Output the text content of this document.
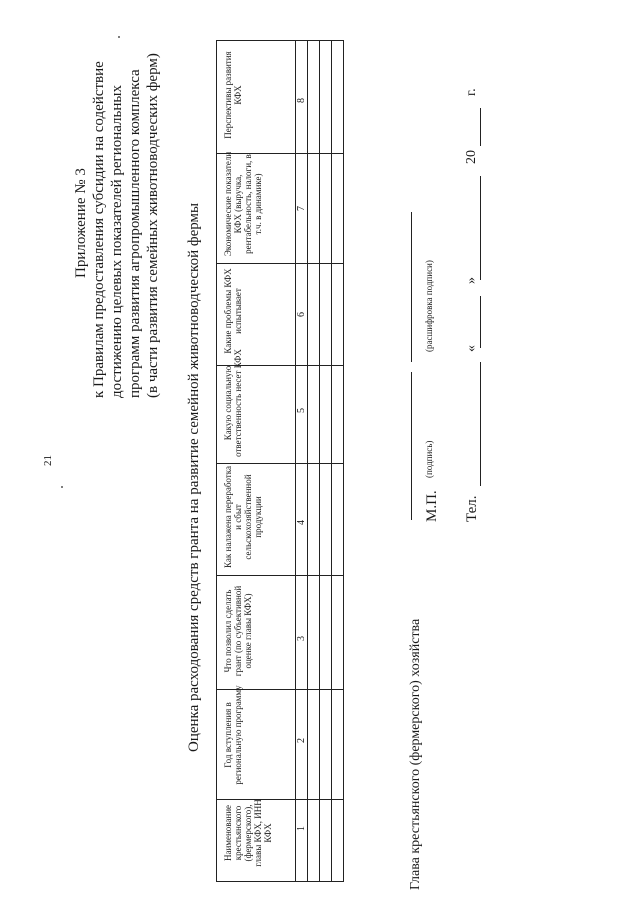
21
Приложение № 3 к Правилам предоставления субсидии на содействие достижению целевых показателей региональных программ развития агропромышленного комплекса (в части развития семейных животноводческих ферм) Оценка расходования средств гранта на развитие семейной животноводческой фермы
Наименование крестьянского (фермерского), главы КФХ, ИНН КФХ
Год вступления в региональную программу
Что позволил сделать грант (по субъективной оценке главы КФХ)
Как налажена переработка и сбыт сельскохозяйственной продукции
Какую социальную ответственность несет КФХ
Какие проблемы КФХ испытывает
Экономические показатели КФХ (выручка, рентабельность, налоги, в т.ч. в динамике)
Перспективы развития КФХ
1
2
3
4
5
6
7
8
Глава крестьянского (фермерского) хозяйства
(подпись)
(расшифровка подписи)
М.П. Тел.
«
»
20
г.
